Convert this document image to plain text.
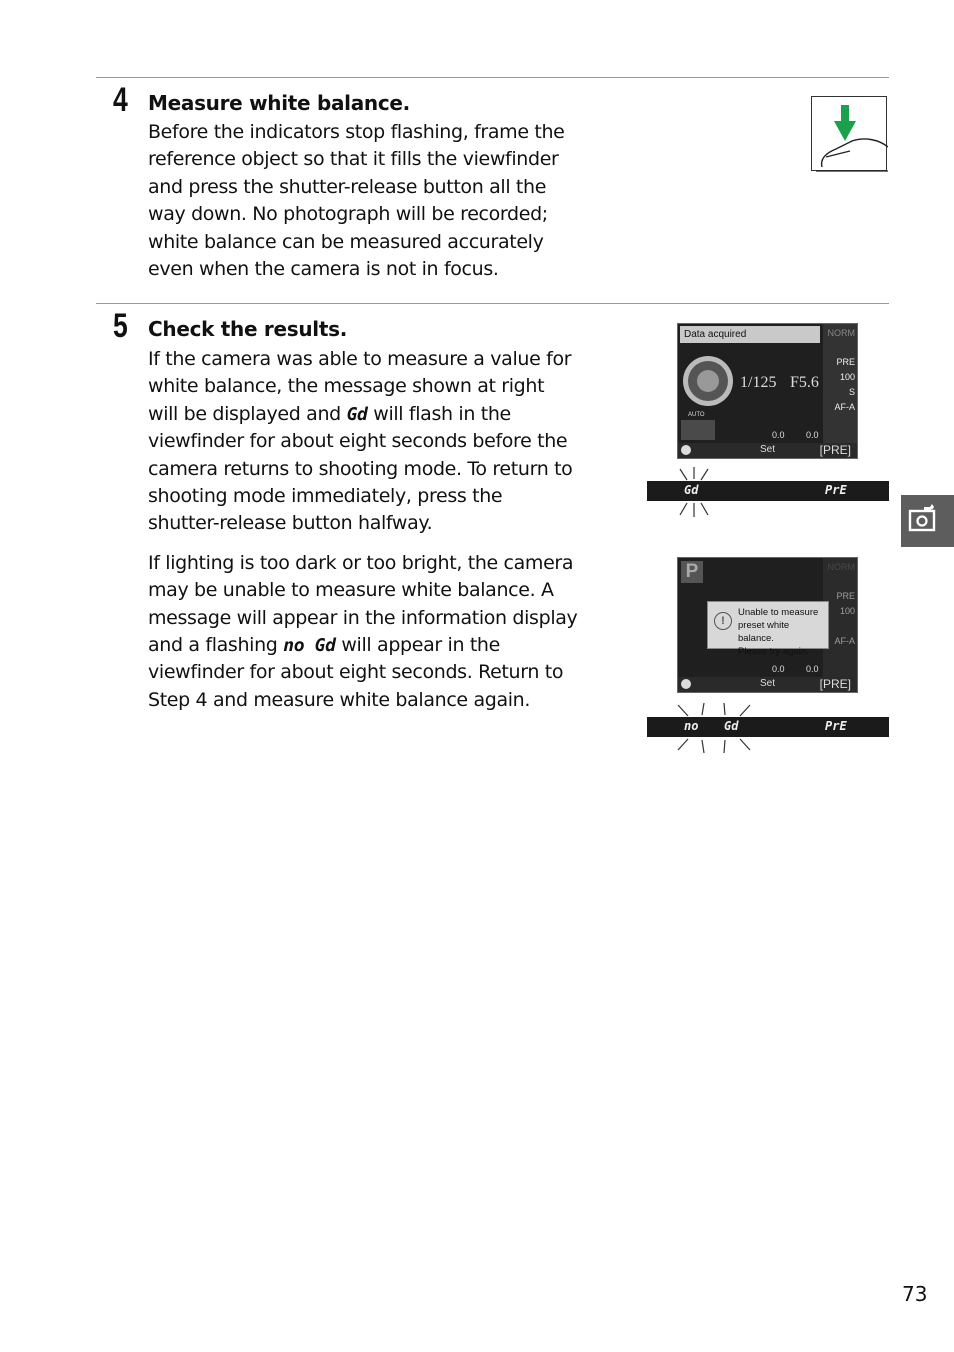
4 Measure white balance.

Before the indicators stop flashing, frame the reference object so that it fills the viewfinder and press the shutter-release button all the way down. No photograph will be recorded; white balance can be measured accurately even when the camera is not in focus.

5 Check the results.

If the camera was able to measure a value for white balance, the message shown at right will be displayed and Gd will flash in the viewfinder for about eight seconds before the camera returns to shooting mode. To return to shooting mode immediately, press the shutter-release button halfway.

If lighting is too dark or too bright, the camera may be unable to measure white balance. A message will appear in the information display and a flashing no Gd will appear in the viewfinder for about eight seconds. Return to Step 4 and measure white balance again.

Data acquired
1/125 F5.6
AUTO
NORM
PRE
100
S
AF-A
Set	[PRE]
0.0 0.0
Gd	PrE
P	NORM
PRE
100
AF-A
!
Unable to measure
preset white balance.
Please try again.
Set	[PRE]
0.0 0.0
no Gd	PrE
73
